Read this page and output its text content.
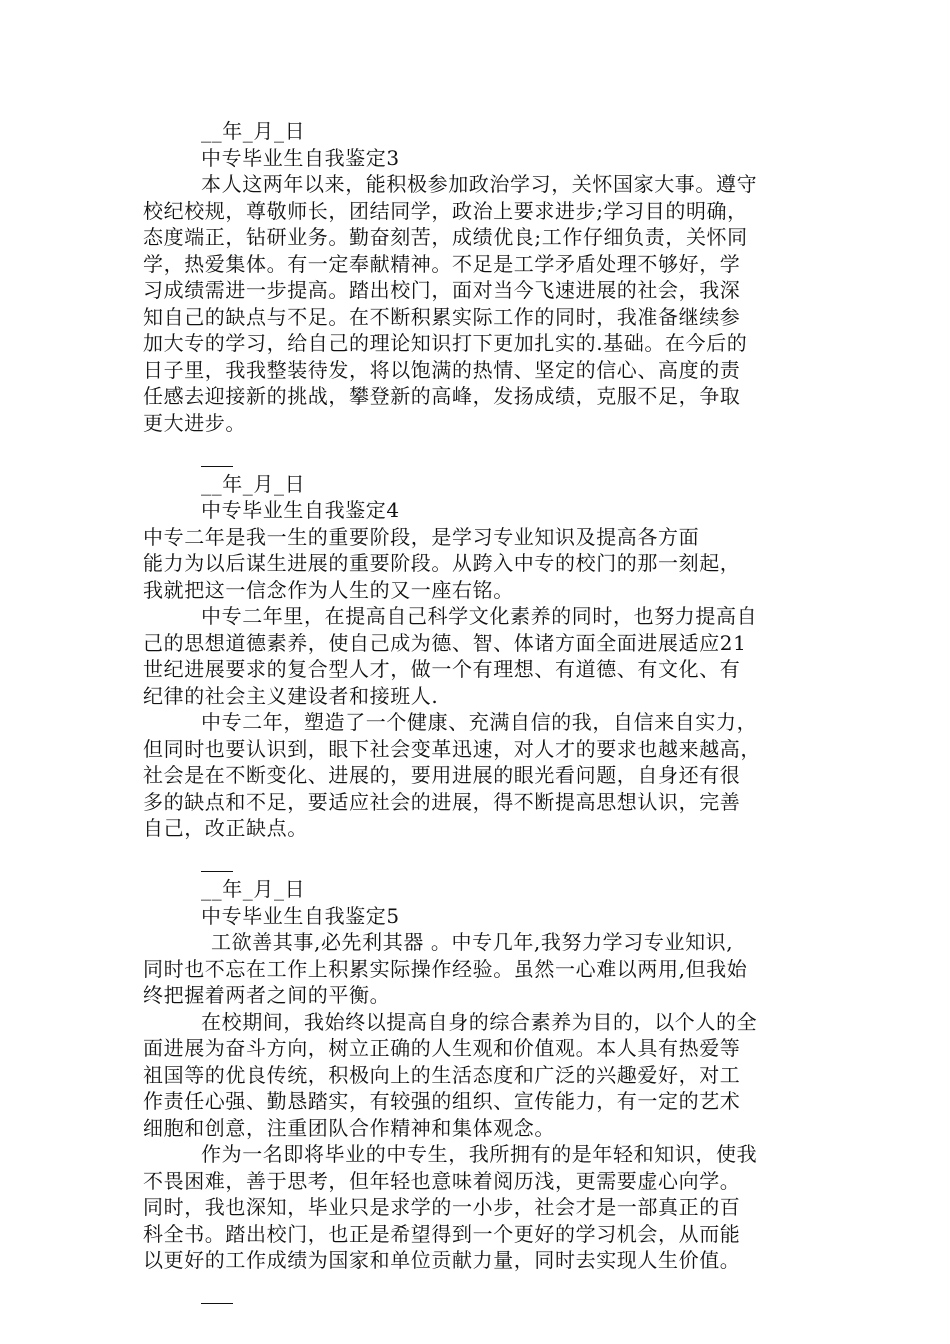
__年_月_日
中专毕业生自我鉴定3
本人这两年以来，能积极参加政治学习，关怀国家大事。遵守
校纪校规，尊敬师长，团结同学，政治上要求进步;学习目的明确，
态度端正，钻研业务。勤奋刻苦，成绩优良;工作仔细负责，关怀同
学，热爱集体。有一定奉献精神。不足是工学矛盾处理不够好，学
习成绩需进一步提高。踏出校门，面对当今飞速进展的社会，我深
知自己的缺点与不足。在不断积累实际工作的同时，我准备继续参
加大专的学习，给自己的理论知识打下更加扎实的.基础。在今后的
日子里，我我整装待发，将以饱满的热情、坚定的信心、高度的责
任感去迎接新的挑战，攀登新的高峰，发扬成绩，克服不足，争取
更大进步。
__年_月_日
中专毕业生自我鉴定4
中专二年是我一生的重要阶段，是学习专业知识及提高各方面
能力为以后谋生进展的重要阶段。从跨入中专的校门的那一刻起，
我就把这一信念作为人生的又一座右铭。
中专二年里，在提高自己科学文化素养的同时，也努力提高自
己的思想道德素养，使自己成为德、智、体诸方面全面进展适应21
世纪进展要求的复合型人才，做一个有理想、有道德、有文化、有
纪律的社会主义建设者和接班人.
中专二年，塑造了一个健康、充满自信的我，自信来自实力，
但同时也要认识到，眼下社会变革迅速，对人才的要求也越来越高，
社会是在不断变化、进展的，要用进展的眼光看问题，自身还有很
多的缺点和不足，要适应社会的进展，得不断提高思想认识，完善
自己，改正缺点。
__年_月_日
中专毕业生自我鉴定5
工欲善其事,必先利其器 。中专几年,我努力学习专业知识,
同时也不忘在工作上积累实际操作经验。虽然一心难以两用,但我始
终把握着两者之间的平衡。
在校期间，我始终以提高自身的综合素养为目的，以个人的全
面进展为奋斗方向，树立正确的人生观和价值观。本人具有热爱等
祖国等的优良传统，积极向上的生活态度和广泛的兴趣爱好，对工
作责任心强、勤恳踏实，有较强的组织、宣传能力，有一定的艺术
细胞和创意，注重团队合作精神和集体观念。
作为一名即将毕业的中专生，我所拥有的是年轻和知识，使我
不畏困难，善于思考，但年轻也意味着阅历浅，更需要虚心向学。
同时，我也深知，毕业只是求学的一小步，社会才是一部真正的百
科全书。踏出校门，也正是希望得到一个更好的学习机会，从而能
以更好的工作成绩为国家和单位贡献力量，同时去实现人生价值。
